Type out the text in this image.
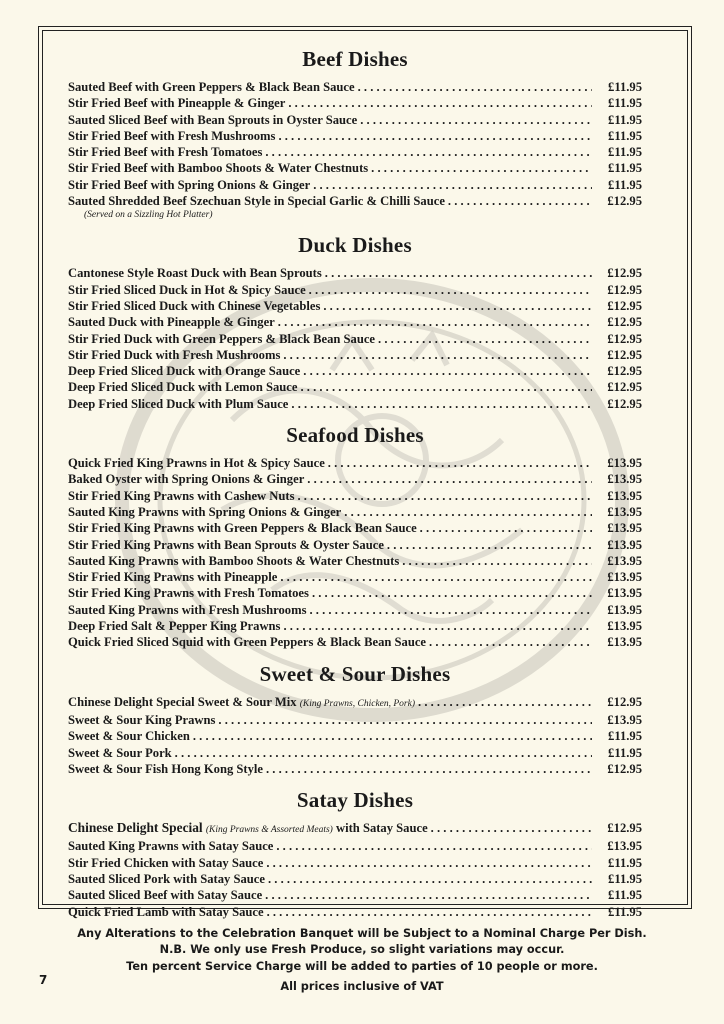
Beef Dishes
Sauted Beef with Green Peppers & Black Bean Sauce . . .	£11.95
Stir Fried Beef with Pineapple & Ginger . . .	£11.95
Sauted Sliced Beef with Bean Sprouts in Oyster Sauce . . .	£11.95
Stir Fried Beef with Fresh Mushrooms . . .	£11.95
Stir Fried Beef with Fresh Tomatoes . . .	£11.95
Stir Fried Beef with Bamboo Shoots & Water Chestnuts . . .	£11.95
Stir Fried Beef with Spring Onions & Ginger . . .	£11.95
Sauted Shredded Beef Szechuan Style in Special Garlic & Chilli Sauce . . .	£12.95
(Served on a Sizzling Hot Platter)
Duck Dishes
Cantonese Style Roast Duck with Bean Sprouts . . .	£12.95
Stir Fried Sliced Duck in Hot & Spicy Sauce . . .	£12.95
Stir Fried Sliced Duck with Chinese Vegetables . . .	£12.95
Sauted Duck with Pineapple & Ginger . . .	£12.95
Stir Fried Duck with Green Peppers & Black Bean Sauce . . .	£12.95
Stir Fried Duck with Fresh Mushrooms . . .	£12.95
Deep Fried Sliced Duck with Orange Sauce . . .	£12.95
Deep Fried Sliced Duck with Lemon Sauce . . .	£12.95
Deep Fried Sliced Duck with Plum Sauce . . .	£12.95
Seafood Dishes
Quick Fried King Prawns in Hot & Spicy Sauce . . .	£13.95
Baked Oyster with Spring Onions & Ginger . . .	£13.95
Stir Fried King Prawns with Cashew Nuts . . .	£13.95
Sauted King Prawns with Spring Onions & Ginger . . .	£13.95
Stir Fried King Prawns with Green Peppers & Black Bean Sauce . . .	£13.95
Stir Fried King Prawns with Bean Sprouts & Oyster Sauce . . .	£13.95
Sauted King Prawns with Bamboo Shoots & Water Chestnuts . . .	£13.95
Stir Fried King Prawns with Pineapple . . .	£13.95
Stir Fried King Prawns with Fresh Tomatoes . . .	£13.95
Sauted King Prawns with Fresh Mushrooms . . .	£13.95
Deep Fried Salt & Pepper King Prawns . . .	£13.95
Quick Fried Sliced Squid with Green Peppers & Black Bean Sauce . . .	£13.95
Sweet & Sour Dishes
Chinese Delight Special Sweet & Sour Mix
(King Prawns, Chicken, Pork) . . .	£12.95
Sweet & Sour King Prawns . . .	£13.95
Sweet & Sour Chicken . . .	£11.95
Sweet & Sour Pork . . .	£11.95
Sweet & Sour Fish Hong Kong Style . . .	£12.95
Satay Dishes
Chinese Delight Special
(King Prawns & Assorted Meats)
with Satay Sauce . . .	£12.95
Sauted King Prawns with Satay Sauce . . .	£13.95
Stir Fried Chicken with Satay Sauce . . .	£11.95
Sauted Sliced Pork with Satay Sauce . . .	£11.95
Sauted Sliced Beef with Satay Sauce . . .	£11.95
Quick Fried Lamb with Satay Sauce . . .	£11.95

Any Alterations to the Celebration Banquet will be Subject to a Nominal Charge Per Dish.

N.B. We only use Fresh Produce, so slight variations may occur.

Ten percent Service Charge will be added to parties of 10 people or more.

All prices inclusive of VAT

7
